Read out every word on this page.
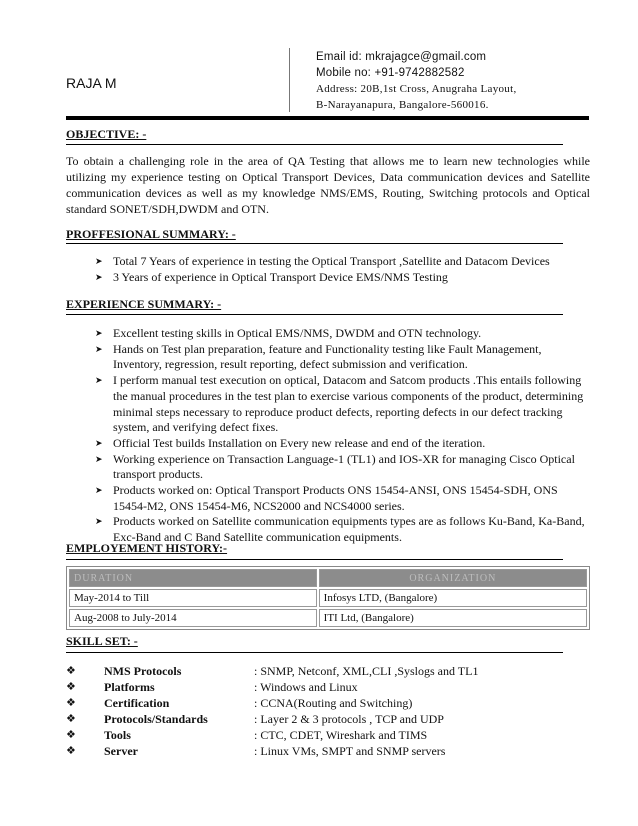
RAJA M
Email id: mkrajagce@gmail.com
Mobile no: +91-9742882582
Address: 20B,1st Cross, Anugraha Layout,
B-Narayanapura, Bangalore-560016.
OBJECTIVE: -
To obtain a challenging role in the area of QA Testing that allows me to learn new technologies while utilizing my experience testing on Optical Transport Devices, Data communication devices and Satellite communication devices as well as my knowledge NMS/EMS, Routing, Switching protocols and Optical standard SONET/SDH,DWDM and OTN.
PROFFESIONAL SUMMARY: -
➤ Total 7 Years of experience in testing the Optical Transport ,Satellite and Datacom Devices
➤ 3 Years of experience in Optical Transport Device EMS/NMS Testing
EXPERIENCE SUMMARY: -
➤ Excellent testing skills in Optical EMS/NMS, DWDM and OTN technology.
➤ Hands on Test plan preparation, feature and Functionality testing like Fault Management, Inventory, regression, result reporting, defect submission and verification.
➤ I perform manual test execution on optical, Datacom and Satcom products .This entails following the manual procedures in the test plan to exercise various components of the product, determining minimal steps necessary to reproduce product defects, reporting defects in our defect tracking system, and verifying defect fixes.
➤ Official Test builds Installation on Every new release and end of the iteration.
➤ Working experience on Transaction Language-1 (TL1) and IOS-XR for managing Cisco Optical transport products.
➤ Products worked on: Optical Transport Products ONS 15454-ANSI, ONS 15454-SDH, ONS 15454-M2, ONS 15454-M6, NCS2000 and NCS4000 series.
➤ Products worked on Satellite communication equipments types are as follows Ku-Band, Ka-Band, Exc-Band and C Band Satellite communication equipments.
EMPLOYEMENT HISTORY:-
DURATION	ORGANIZATION
May-2014 to Till	Infosys LTD, (Bangalore)
Aug-2008 to July-2014	ITI Ltd, (Bangalore)
SKILL SET: -
❖ NMS Protocols	: SNMP, Netconf, XML,CLI ,Syslogs and TL1
❖ Platforms	: Windows and Linux
❖ Certification	: CCNA(Routing and Switching)
❖ Protocols/Standards	: Layer 2 & 3 protocols , TCP and UDP
❖ Tools	: CTC, CDET, Wireshark and TIMS
❖ Server	: Linux VMs, SMPT and SNMP servers
